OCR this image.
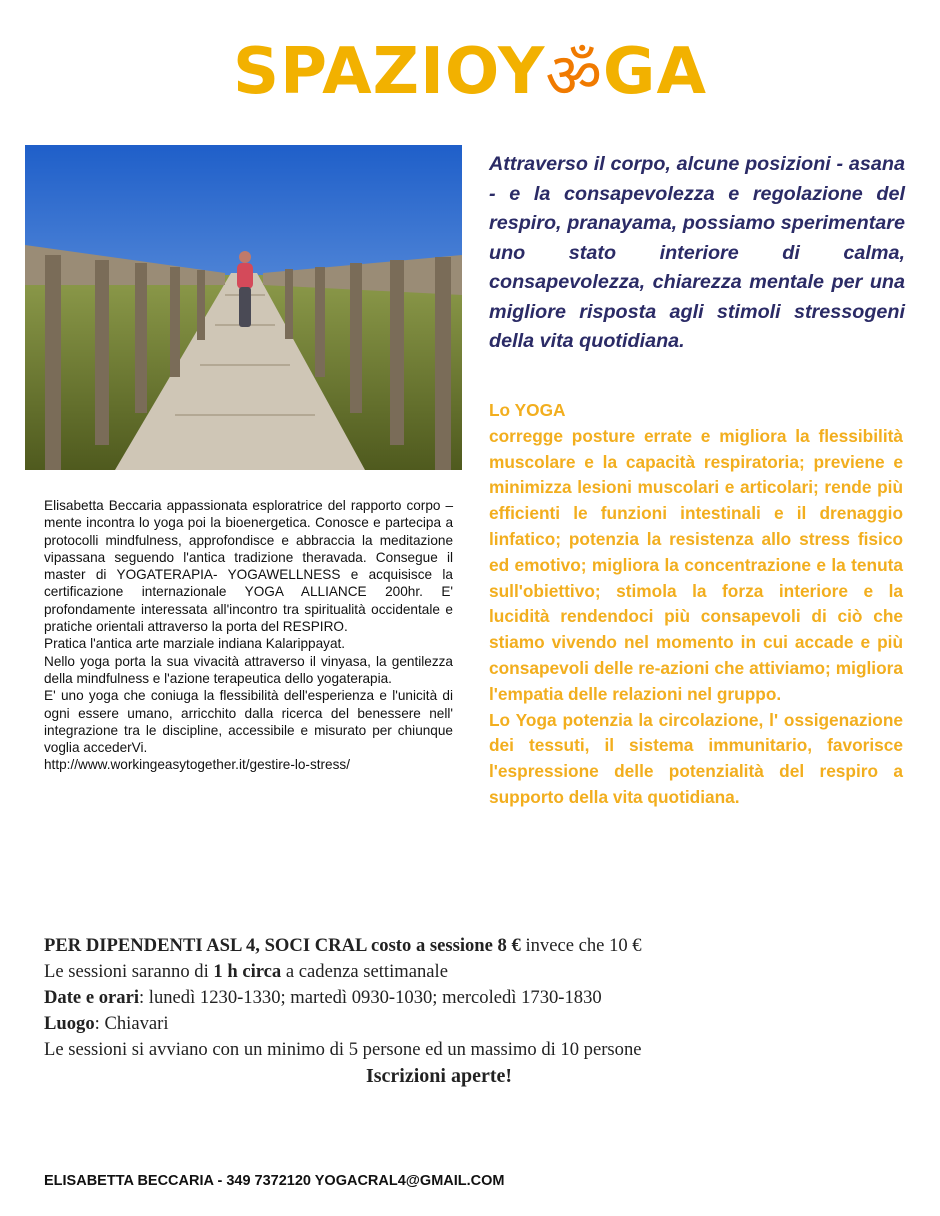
SPAZIOYॐGA

Elisabetta Beccaria appassionata esploratrice del rapporto corpo – mente incontra lo yoga poi la bioenergetica. Conosce e partecipa a protocolli mindfulness, approfondisce e abbraccia la meditazione vipassana seguendo l'antica tradizione theravada. Consegue il master di YOGATERAPIA- YOGAWELLNESS e acquisisce la certificazione internazionale YOGA ALLIANCE 200hr. E' profondamente interessata all'incontro tra spiritualità occidentale e pratiche orientali attraverso la porta del RESPIRO.

Pratica l'antica arte marziale indiana Kalarippayat.

Nello yoga porta la sua vivacità attraverso il vinyasa, la gentilezza della mindfulness e l'azione terapeutica dello yogaterapia.

E' uno yoga che coniuga la flessibilità dell'esperienza e l'unicità di ogni essere umano, arricchito dalla ricerca del benessere nell' integrazione tra le discipline, accessibile e misurato per chiunque voglia accederVi.

http://www.workingeasytogether.it/gestire-lo-stress/

Attraverso il corpo, alcune posizioni - asana - e la consapevolezza e regolazione del respiro, pranayama, possiamo sperimentare uno stato interiore di calma, consapevolezza, chiarezza mentale per una migliore risposta agli stimoli stressogeni della vita quotidiana.

Lo YOGA

corregge posture errate e migliora la flessibilità muscolare e la capacità respiratoria; previene e minimizza lesioni muscolari e articolari; rende più efficienti le funzioni intestinali e il drenaggio linfatico; potenzia la resistenza allo stress fisico ed emotivo; migliora la concentrazione e la tenuta sull'obiettivo; stimola la forza interiore e la lucidità rendendoci più consapevoli di ciò che stiamo vivendo nel momento in cui accade e più consapevoli delle re-azioni che attiviamo; migliora l'empatia delle relazioni nel gruppo.

Lo Yoga potenzia la circolazione, l' ossigenazione dei tessuti, il sistema immunitario, favorisce l'espressione delle potenzialità del respiro a supporto della vita quotidiana.

PER DIPENDENTI ASL 4, SOCI CRAL costo a sessione 8 € invece che 10 €

Le sessioni saranno di 1 h circa a cadenza settimanale

Date e orari: lunedì 1230-1330; martedì 0930-1030; mercoledì 1730-1830

Luogo: Chiavari

Le sessioni si avviano con un minimo di 5 persone ed un massimo di 10 persone

Iscrizioni aperte!

ELISABETTA BECCARIA - 349 7372120 YOGACRAL4@GMAIL.COM
